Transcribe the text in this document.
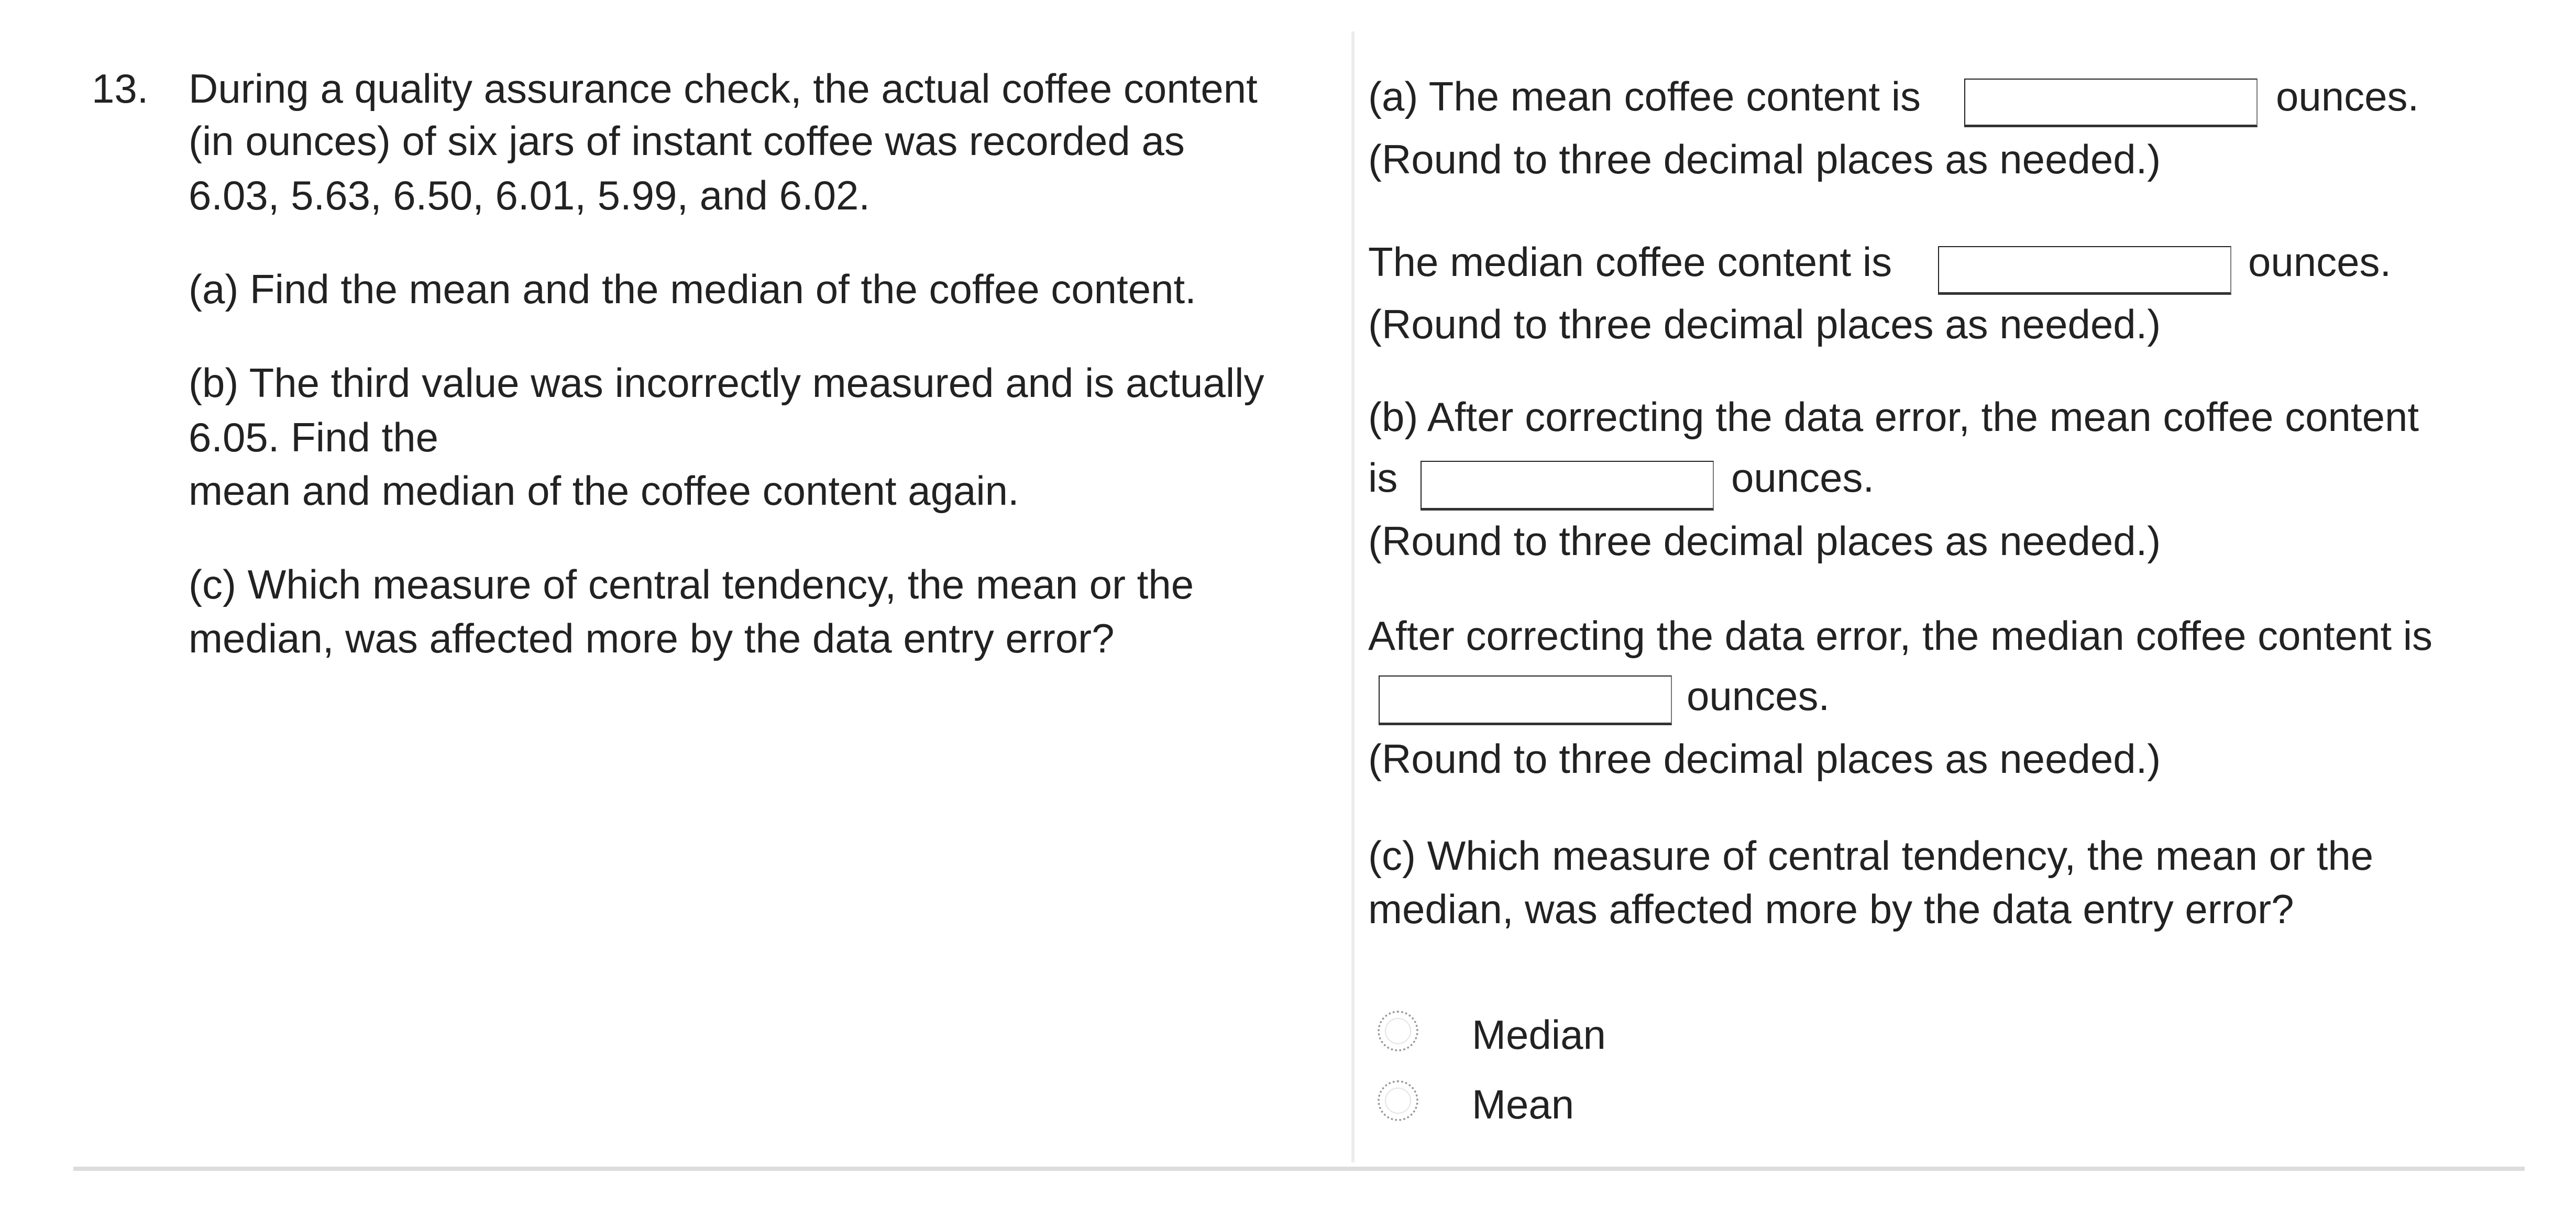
13. During a quality assurance check, the actual coffee content
(in ounces) of six jars of instant coffee was recorded as
6.03, 5.63, 6.50, 6.01, 5.99, and 6.02.
(a) Find the mean and the median of the coffee content.
(b) The third value was incorrectly measured and is actually
6.05. Find the
mean and median of the coffee content again.
(c) Which measure of central tendency, the mean or the
median, was affected more by the data entry error?
(a) The mean coffee content is	ounces.
(Round to three decimal places as needed.)
The median coffee content is	ounces.
(Round to three decimal places as needed.)
(b) After correcting the data error, the mean coffee content
is	ounces.
(Round to three decimal places as needed.)
After correcting the data error, the median coffee content is
ounces.
(Round to three decimal places as needed.)
(c) Which measure of central tendency, the mean or the
median, was affected more by the data entry error?
Median
Mean
